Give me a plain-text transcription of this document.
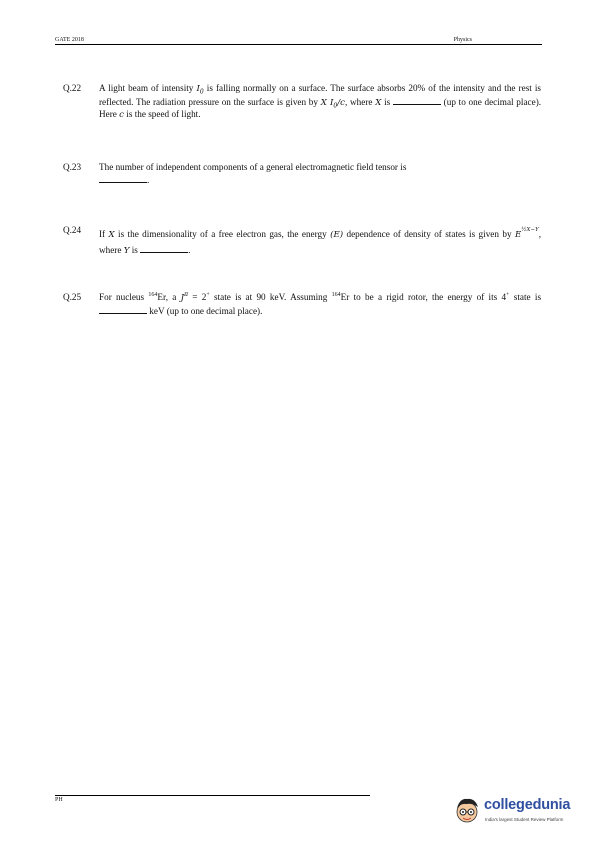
GATE 2018	Physics
Q.22 A light beam of intensity $I_0$ is falling normally on a surface. The surface absorbs 20% of the intensity and the rest is reflected. The radiation pressure on the surface is given by X $I_0/c$, where X is	(up to one decimal place). Here c is the speed of light.
Q.23 The number of independent components of a general electromagnetic field tensor is
.
Q.24 If X is the dimensionality of a free electron gas, the energy (E) dependence of density of states is given by E½X−Y, where Y is	.
Q.25 For nucleus $^{164}$Er, a $J^\pi = 2^+$ state is at 90 keV. Assuming $^{164}$Er to be a rigid rotor, the energy of its 4+ state is  keV (up to one decimal place).
PH	collegedunia
India's largest Student Review Platform
